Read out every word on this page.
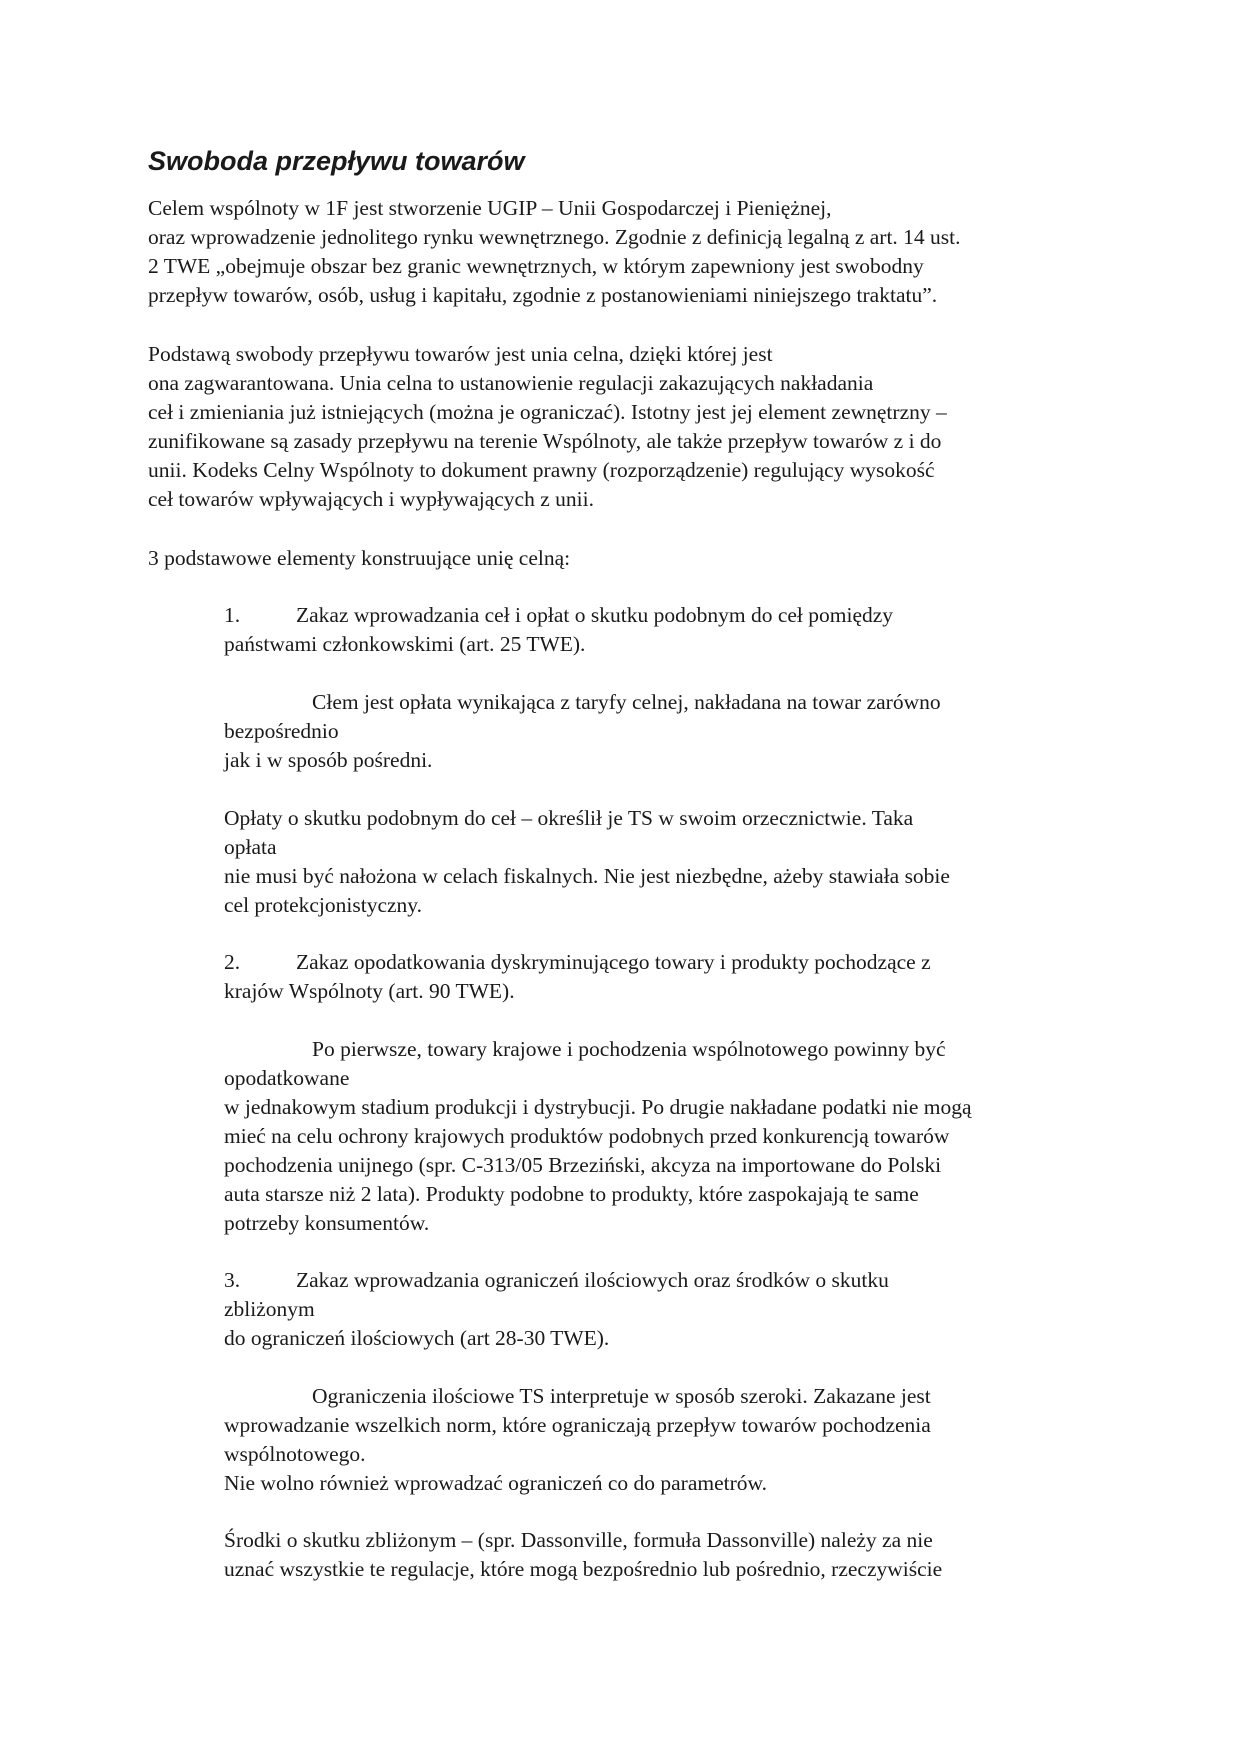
Swoboda przepływu towarów
Celem wspólnoty w 1F jest stworzenie UGIP – Unii Gospodarczej i Pieniężnej,
oraz wprowadzenie jednolitego rynku wewnętrznego. Zgodnie z definicją legalną z art. 14 ust.
2 TWE „obejmuje obszar bez granic wewnętrznych, w którym zapewniony jest swobodny
przepływ towarów, osób, usług i kapitału, zgodnie z postanowieniami niniejszego traktatu”.
Podstawą swobody przepływu towarów jest unia celna, dzięki której jest
ona zagwarantowana. Unia celna to ustanowienie regulacji zakazujących nakładania
ceł i zmieniania już istniejących (można je ograniczać). Istotny jest jej element zewnętrzny –
zunifikowane są zasady przepływu na terenie Wspólnoty, ale także przepływ towarów z i do
unii. Kodeks Celny Wspólnoty to dokument prawny (rozporządzenie) regulujący wysokość
ceł towarów wpływających i wypływających z unii.
3 podstawowe elementy konstruujące unię celną:
1.	Zakaz wprowadzania ceł i opłat o skutku podobnym do ceł pomiędzy
państwami członkowskimi (art. 25 TWE).
Cłem jest opłata wynikająca z taryfy celnej, nakładana na towar zarówno
bezpośrednio
jak i w sposób pośredni.
Opłaty o skutku podobnym do ceł – określił je TS w swoim orzecznictwie. Taka
opłata
nie musi być nałożona w celach fiskalnych. Nie jest niezbędne, ażeby stawiała sobie
cel protekcjonistyczny.
2.	Zakaz opodatkowania dyskryminującego towary i produkty pochodzące z
krajów Wspólnoty (art. 90 TWE).
Po pierwsze, towary krajowe i pochodzenia wspólnotowego powinny być
opodatkowane
w jednakowym stadium produkcji i dystrybucji. Po drugie nakładane podatki nie mogą
mieć na celu ochrony krajowych produktów podobnych przed konkurencją towarów
pochodzenia unijnego (spr. C-313/05 Brzeziński, akcyza na importowane do Polski
auta starsze niż 2 lata). Produkty podobne to produkty, które zaspokajają te same
potrzeby konsumentów.
3.	Zakaz wprowadzania ograniczeń ilościowych oraz środków o skutku
zbliżonym
do ograniczeń ilościowych (art 28-30 TWE).
Ograniczenia ilościowe TS interpretuje w sposób szeroki. Zakazane jest
wprowadzanie wszelkich norm, które ograniczają przepływ towarów pochodzenia
wspólnotowego.
Nie wolno również wprowadzać ograniczeń co do parametrów.
Środki o skutku zbliżonym – (spr. Dassonville, formuła Dassonville) należy za nie
uznać wszystkie te regulacje, które mogą bezpośrednio lub pośrednio, rzeczywiście
